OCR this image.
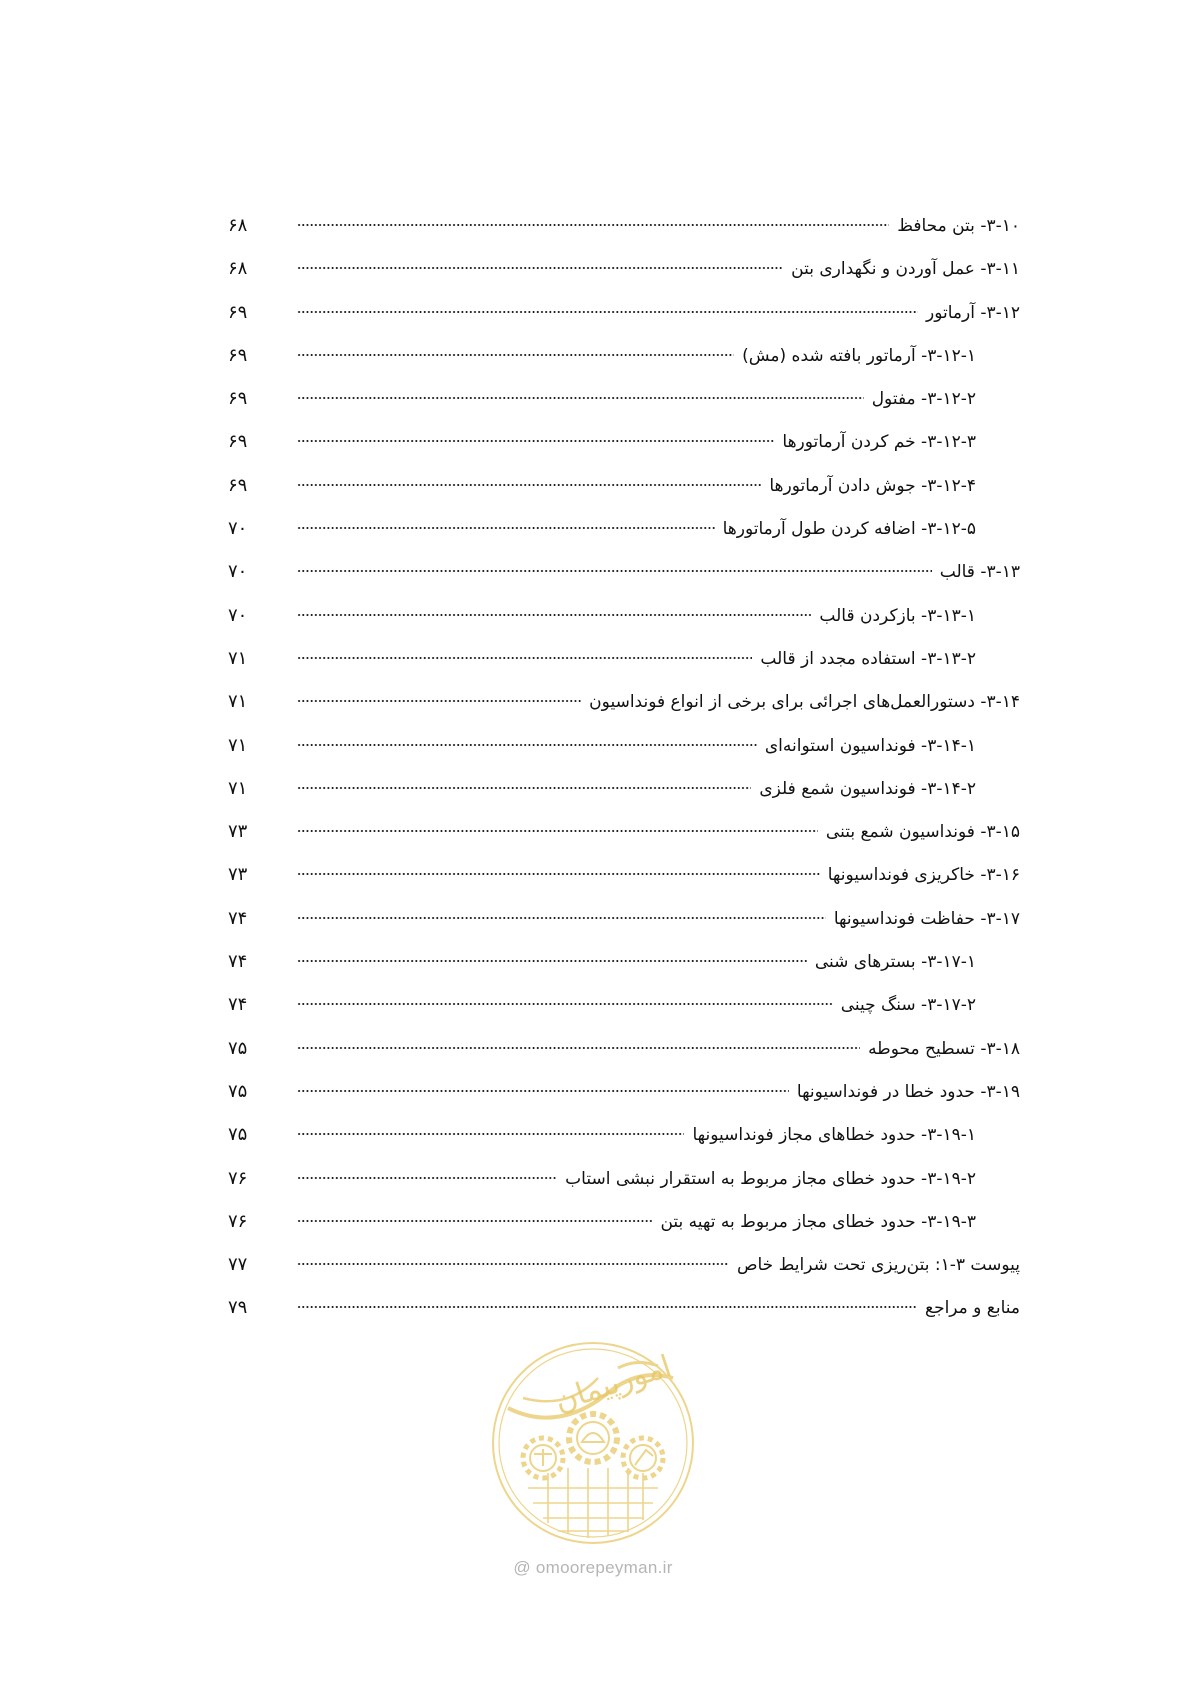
۶۸	۳-۱۰- بتن محافظ
۶۸	۳-۱۱- عمل آوردن و نگهداری بتن
۶۹	۳-۱۲- آرماتور
۶۹	۳-۱۲-۱- آرماتور بافته شده (مش)
۶۹	۳-۱۲-۲- مفتول
۶۹	۳-۱۲-۳- خم کردن آرماتورها
۶۹	۳-۱۲-۴- جوش دادن آرماتورها
۷۰	۳-۱۲-۵- اضافه کردن طول آرماتورها
۷۰	۳-۱۳- قالب
۷۰	۳-۱۳-۱- بازکردن قالب
۷۱	۳-۱۳-۲- استفاده مجدد از قالب
۷۱	۳-۱۴- دستورالعمل‌های اجرائی برای برخی از انواع فونداسیون
۷۱	۳-۱۴-۱- فونداسیون استوانه‌ای
۷۱	۳-۱۴-۲- فونداسیون شمع فلزی
۷۳	۳-۱۵- فونداسیون شمع بتنی
۷۳	۳-۱۶- خاکریزی فونداسیونها
۷۴	۳-۱۷- حفاظت فونداسیونها
۷۴	۳-۱۷-۱- بسترهای شنی
۷۴	۳-۱۷-۲- سنگ چینی
۷۵	۳-۱۸- تسطیح محوطه
۷۵	۳-۱۹- حدود خطا در فونداسیونها
۷۵	۳-۱۹-۱- حدود خطاهای مجاز فونداسیونها
۷۶	۳-۱۹-۲- حدود خطای مجاز مربوط به استقرار نبشی استاب
۷۶	۳-۱۹-۳- حدود خطای مجاز مربوط به تهیه بتن
۷۷	پیوست ۳-۱: بتن‌ریزی تحت شرایط خاص
۷۹	منابع و مراجع
امورپیمان
@ omoorepeyman.ir
